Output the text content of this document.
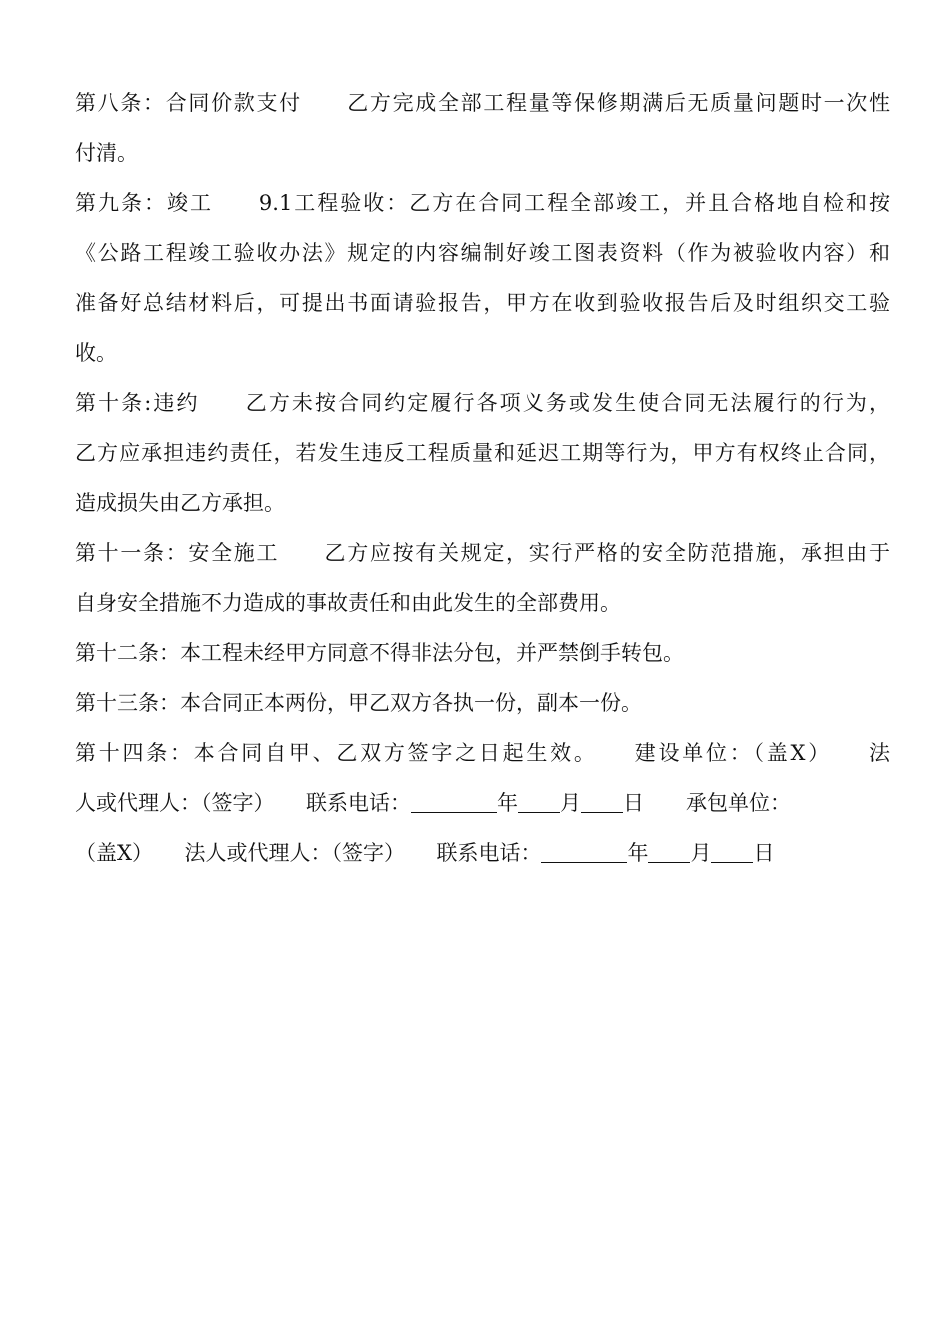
第八条：合同价款支付　　乙方完成全部工程量等保修期满后无质量问题时一次性
付清。
第九条：竣工　　9.1工程验收：乙方在合同工程全部竣工，并且合格地自检和按
《公路工程竣工验收办法》规定的内容编制好竣工图表资料（作为被验收内容）和
准备好总结材料后，可提出书面请验报告，甲方在收到验收报告后及时组织交工验
收。
第十条:违约　　乙方未按合同约定履行各项义务或发生使合同无法履行的行为，
乙方应承担违约责任，若发生违反工程质量和延迟工期等行为，甲方有权终止合同，
造成损失由乙方承担。
第十一条：安全施工　　乙方应按有关规定，实行严格的安全防范措施，承担由于
自身安全措施不力造成的事故责任和由此发生的全部费用。
第十二条：本工程未经甲方同意不得非法分包，并严禁倒手转包。
第十三条：本合同正本两份，甲乙双方各执一份，副本一份。
第十四条：本合同自甲、乙双方签字之日起生效。　　建设单位：（盖X）　　法
人或代理人：（签字）　　联系电话：	年 月 日　　承包单位：
（盖X）　　法人或代理人：（签字）　　联系电话：	年 月 日
